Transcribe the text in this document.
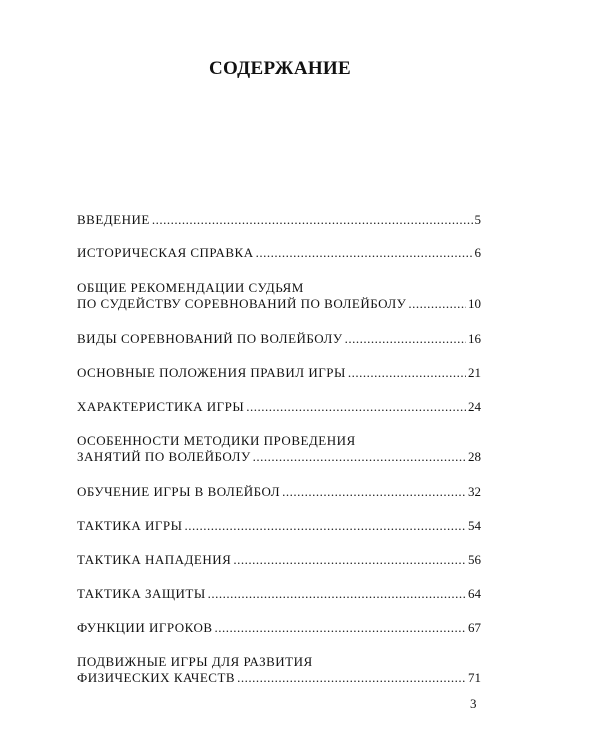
СОДЕРЖАНИЕ
ВВЕДЕНИЕ .....	5
ИСТОРИЧЕСКАЯ СПРАВКА .....	6
ОБЩИЕ РЕКОМЕНДАЦИИ СУДЬЯМ
ПО СУДЕЙСТВУ СОРЕВНОВАНИЙ ПО ВОЛЕЙБОЛУ .....	10
ВИДЫ СОРЕВНОВАНИЙ ПО ВОЛЕЙБОЛУ .....	16
ОСНОВНЫЕ ПОЛОЖЕНИЯ ПРАВИЛ ИГРЫ .....	21
ХАРАКТЕРИСТИКА ИГРЫ .....	24
ОСОБЕННОСТИ МЕТОДИКИ ПРОВЕДЕНИЯ
ЗАНЯТИЙ ПО ВОЛЕЙБОЛУ .....	28
ОБУЧЕНИЕ ИГРЫ В ВОЛЕЙБОЛ .....	32
ТАКТИКА ИГРЫ .....	54
ТАКТИКА НАПАДЕНИЯ .....	56
ТАКТИКА ЗАЩИТЫ .....	64
ФУНКЦИИ ИГРОКОВ .....	67
ПОДВИЖНЫЕ ИГРЫ ДЛЯ РАЗВИТИЯ
ФИЗИЧЕСКИХ КАЧЕСТВ .....	71
3
